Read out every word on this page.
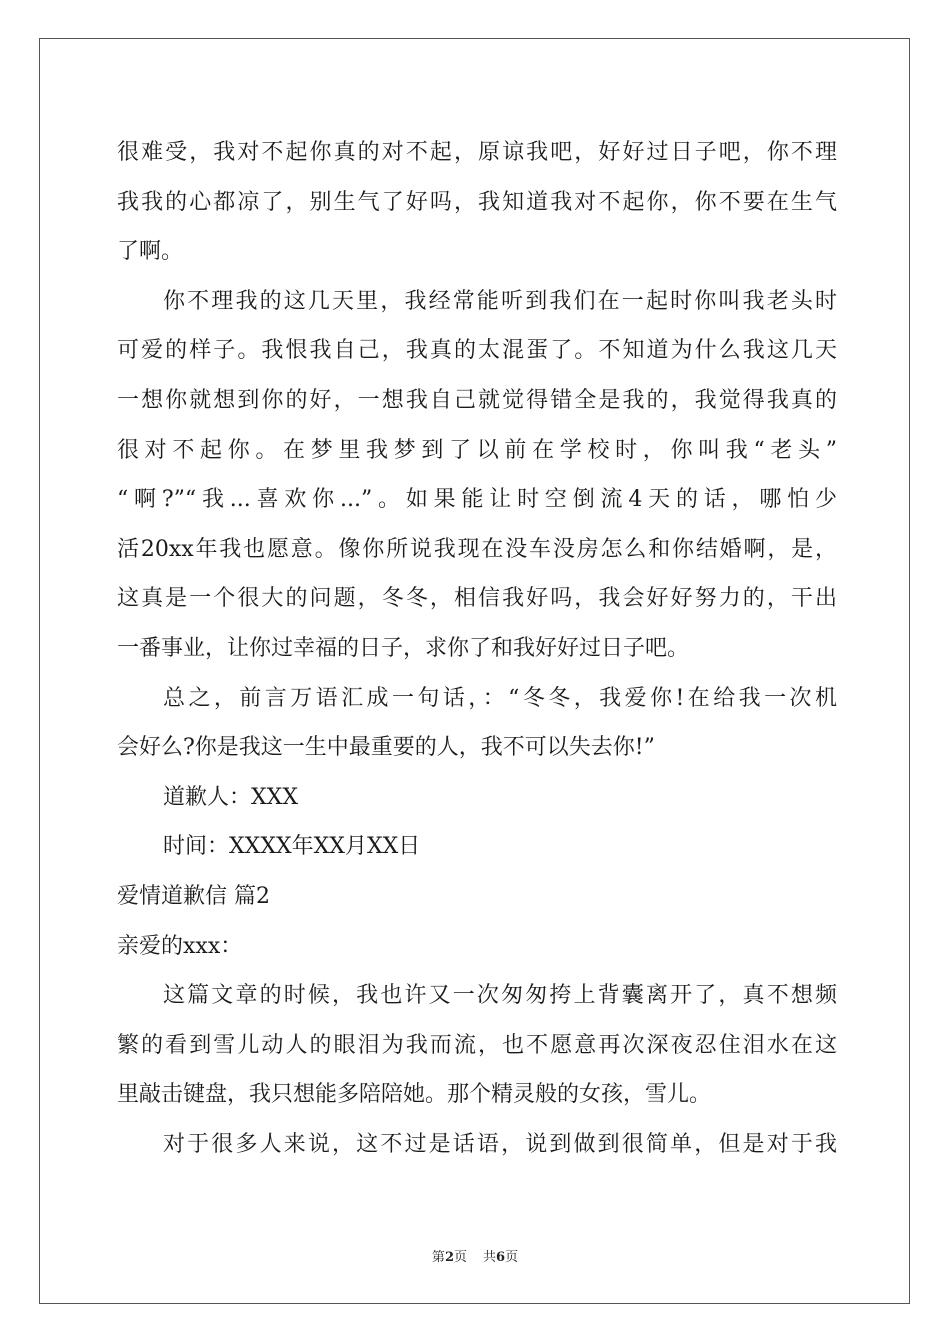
很难受，我对不起你真的对不起，原谅我吧，好好过日子吧，你不理
我我的心都凉了，别生气了好吗，我知道我对不起你，你不要在生气
了啊。
你不理我的这几天里，我经常能听到我们在一起时你叫我老头时
可爱的样子。我恨我自己，我真的太混蛋了。不知道为什么我这几天
一想你就想到你的好，一想我自己就觉得错全是我的，我觉得我真的
很对不起你。在梦里我梦到了以前在学校时，你叫我“老头”
“啊?”“我...喜欢你...”。如果能让时空倒流4天的话，哪怕少
活20xx年我也愿意。像你所说我现在没车没房怎么和你结婚啊，是，
这真是一个很大的问题，冬冬，相信我好吗，我会好好努力的，干出
一番事业，让你过幸福的日子，求你了和我好好过日子吧。
总之，前言万语汇成一句话，：“冬冬，我爱你!在给我一次机
会好么?你是我这一生中最重要的人，我不可以失去你!”
道歉人：XXX
时间：XXXX年XX月XX日
爱情道歉信 篇2
亲爱的xxx：
这篇文章的时候，我也许又一次匆匆挎上背囊离开了，真不想频
繁的看到雪儿动人的眼泪为我而流，也不愿意再次深夜忍住泪水在这
里敲击键盘，我只想能多陪陪她。那个精灵般的女孩，雪儿。
对于很多人来说，这不过是话语，说到做到很简单，但是对于我
第2页 共6页
